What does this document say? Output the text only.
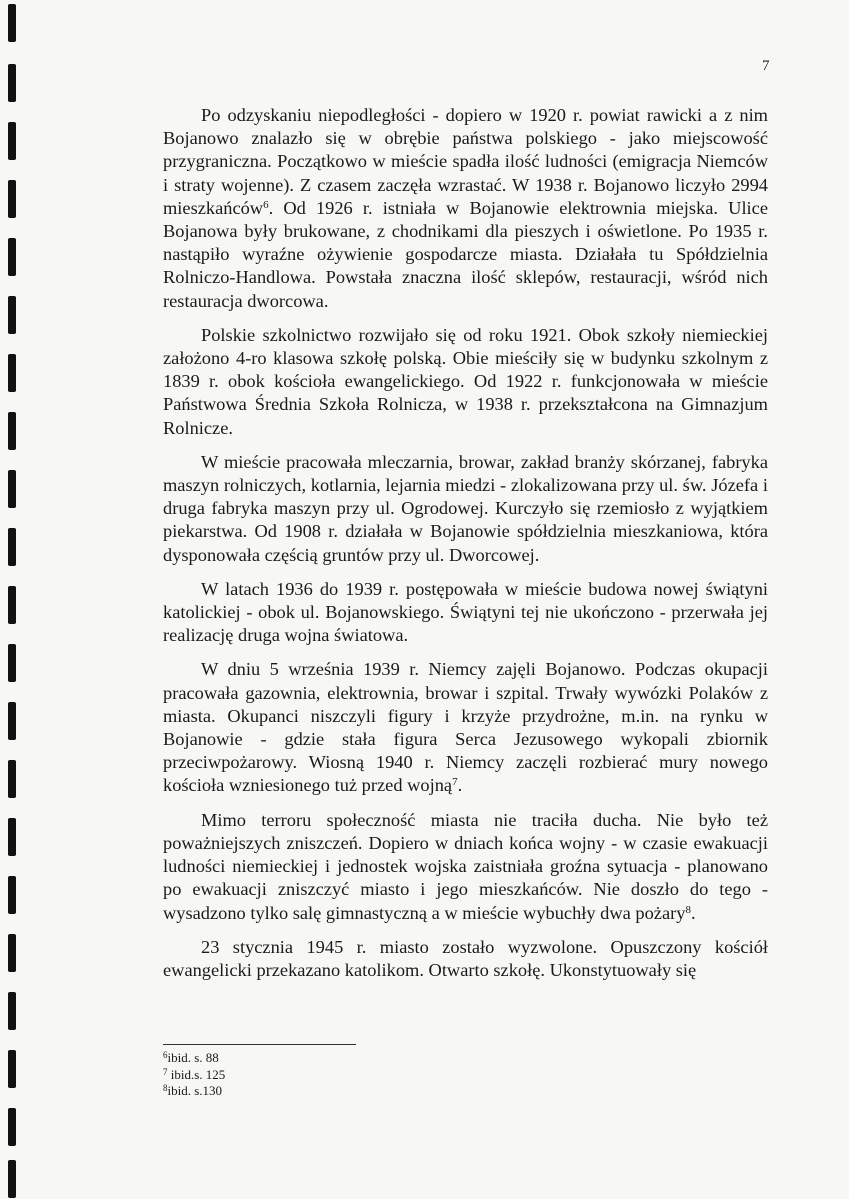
7

Po odzyskaniu niepodległości - dopiero w 1920 r. powiat rawicki a z nim Bojanowo znalazło się w obrębie państwa polskiego - jako miejscowość przygraniczna. Początkowo w mieście spadła ilość ludności (emigracja Niemców i straty wojenne). Z czasem zaczęła wzrastać. W 1938 r. Bojanowo liczyło 2994 mieszkańców$^6$. Od 1926 r. istniała w Bojanowie elektrownia miejska. Ulice Bojanowa były brukowane, z chodnikami dla pieszych i oświetlone. Po 1935 r. nastąpiło wyraźne ożywienie gospodarcze miasta. Działała tu Spółdzielnia Rolniczo-Handlowa. Powstała znaczna ilość sklepów, restauracji, wśród nich restauracja dworcowa.

Polskie szkolnictwo rozwijało się od roku 1921. Obok szkoły niemieckiej założono 4-ro klasowa szkołę polską. Obie mieściły się w budynku szkolnym z 1839 r. obok kościoła ewangelickiego. Od 1922 r. funkcjonowała w mieście Państwowa Średnia Szkoła Rolnicza, w 1938 r. przekształcona na Gimnazjum Rolnicze.

W mieście pracowała mleczarnia, browar, zakład branży skórzanej, fabryka maszyn rolniczych, kotlarnia, lejarnia miedzi - zlokalizowana przy ul. św. Józefa i druga fabryka maszyn przy ul. Ogrodowej. Kurczyło się rzemiosło z wyjątkiem piekarstwa. Od 1908 r. działała w Bojanowie spółdzielnia mieszkaniowa, która dysponowała częścią gruntów przy ul. Dworcowej.

W latach 1936 do 1939 r. postępowała w mieście budowa nowej świątyni katolickiej - obok ul. Bojanowskiego. Świątyni tej nie ukończono - przerwała jej realizację druga wojna światowa.

W dniu 5 września 1939 r. Niemcy zajęli Bojanowo. Podczas okupacji pracowała gazownia, elektrownia, browar i szpital. Trwały wywózki Polaków z miasta. Okupanci niszczyli figury i krzyże przydrożne, m.in. na rynku w Bojanowie - gdzie stała figura Serca Jezusowego wykopali zbiornik przeciwpożarowy. Wiosną 1940 r. Niemcy zaczęli rozbierać mury nowego kościoła wzniesionego tuż przed wojną$^7$.

Mimo terroru społeczność miasta nie traciła ducha. Nie było też poważniejszych zniszczeń. Dopiero w dniach końca wojny - w czasie ewakuacji ludności niemieckiej i jednostek wojska zaistniała groźna sytuacja - planowano po ewakuacji zniszczyć miasto i jego mieszkańców. Nie doszło do tego - wysadzono tylko salę gimnastyczną a w mieście wybuchły dwa pożary$^8$.

23 stycznia 1945 r. miasto zostało wyzwolone. Opuszczony kościół ewangelicki przekazano katolikom. Otwarto szkołę. Ukonstytuowały się

$^6$ibid. s. 88
$^7$ ibid.s. 125
$^8$ibid. s.130
